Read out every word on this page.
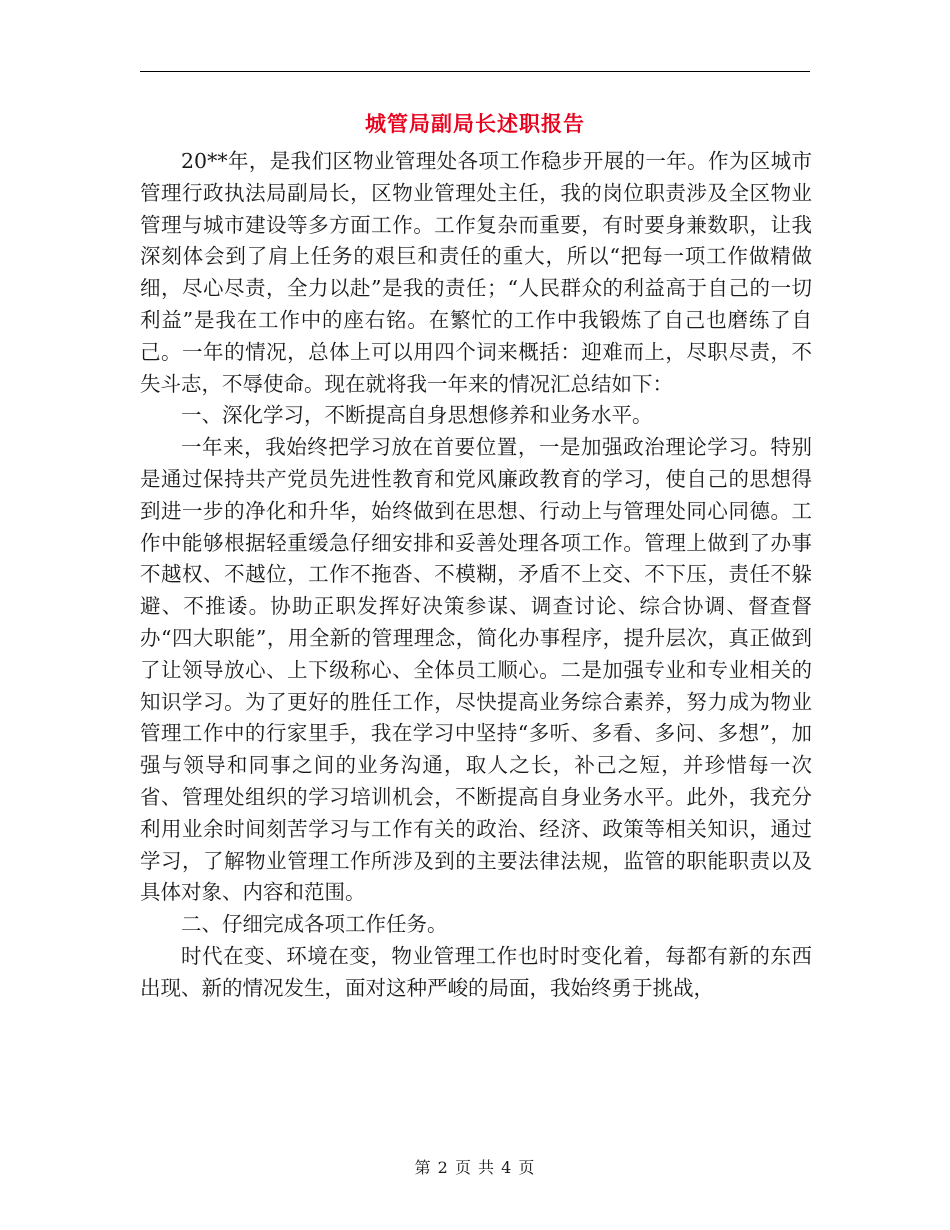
城管局副局长述职报告

20**年，是我们区物业管理处各项工作稳步开展的一年。作为区城市管理行政执法局副局长，区物业管理处主任，我的岗位职责涉及全区物业管理与城市建设等多方面工作。工作复杂而重要，有时要身兼数职，让我深刻体会到了肩上任务的艰巨和责任的重大，所以“把每一项工作做精做细，尽心尽责，全力以赴”是我的责任；“人民群众的利益高于自己的一切利益”是我在工作中的座右铭。在繁忙的工作中我锻炼了自己也磨练了自己。一年的情况，总体上可以用四个词来概括：迎难而上，尽职尽责，不失斗志，不辱使命。现在就将我一年来的情况汇总结如下：

一、深化学习，不断提高自身思想修养和业务水平。

一年来，我始终把学习放在首要位置，一是加强政治理论学习。特别是通过保持共产党员先进性教育和党风廉政教育的学习，使自己的思想得到进一步的净化和升华，始终做到在思想、行动上与管理处同心同德。工作中能够根据轻重缓急仔细安排和妥善处理各项工作。管理上做到了办事不越权、不越位，工作不拖沓、不模糊，矛盾不上交、不下压，责任不躲避、不推诿。协助正职发挥好决策参谋、调查讨论、综合协调、督查督办“四大职能”，用全新的管理理念，简化办事程序，提升层次，真正做到了让领导放心、上下级称心、全体员工顺心。二是加强专业和专业相关的知识学习。为了更好的胜任工作，尽快提高业务综合素养，努力成为物业管理工作中的行家里手，我在学习中坚持“多听、多看、多问、多想”，加强与领导和同事之间的业务沟通，取人之长，补己之短，并珍惜每一次省、管理处组织的学习培训机会，不断提高自身业务水平。此外，我充分利用业余时间刻苦学习与工作有关的政治、经济、政策等相关知识，通过学习，了解物业管理工作所涉及到的主要法律法规，监管的职能职责以及具体对象、内容和范围。

二、仔细完成各项工作任务。

时代在变、环境在变，物业管理工作也时时变化着，每都有新的东西出现、新的情况发生，面对这种严峻的局面，我始终勇于挑战，

第 2 页 共 4 页
